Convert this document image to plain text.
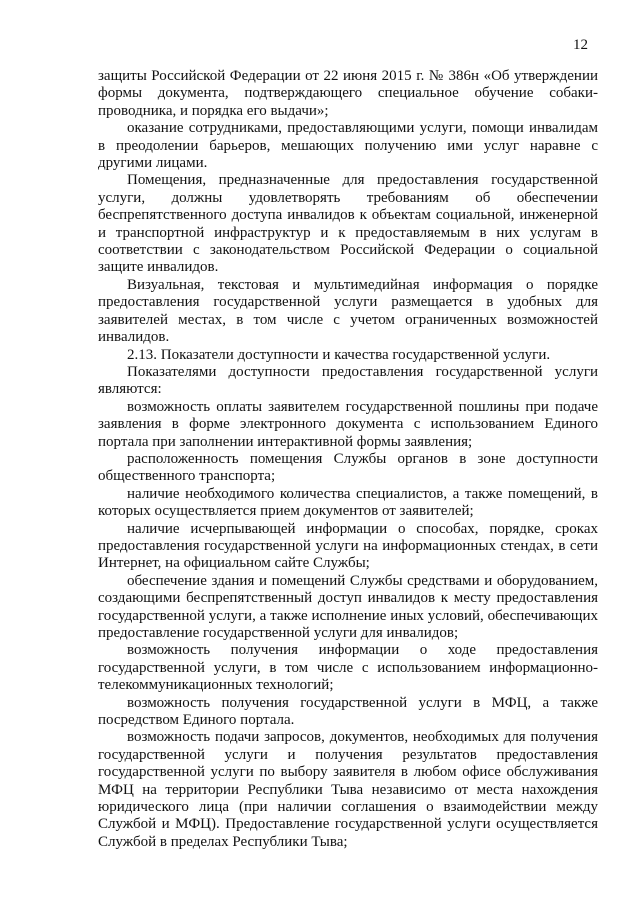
12

защиты Российской Федерации от 22 июня 2015 г. № 386н «Об утверждении формы документа, подтверждающего специальное обучение собаки-проводника, и порядка его выдачи»;

оказание сотрудниками, предоставляющими услуги, помощи инвалидам в преодолении барьеров, мешающих получению ими услуг наравне с другими лицами.

Помещения, предназначенные для предоставления государственной услуги, должны удовлетворять требованиям об обеспечении беспрепятственного доступа инвалидов к объектам социальной, инженерной и транспортной инфраструктур и к предоставляемым в них услугам в соответствии с законодательством Российской Федерации о социальной защите инвалидов.

Визуальная, текстовая и мультимедийная информация о порядке предоставления государственной услуги размещается в удобных для заявителей местах, в том числе с учетом ограниченных возможностей инвалидов.

2.13. Показатели доступности и качества государственной услуги.

Показателями доступности предоставления государственной услуги являются:

возможность оплаты заявителем государственной пошлины при подаче заявления в форме электронного документа с использованием Единого портала при заполнении интерактивной формы заявления;

расположенность помещения Службы органов в зоне доступности общественного транспорта;

наличие необходимого количества специалистов, а также помещений, в которых осуществляется прием документов от заявителей;

наличие исчерпывающей информации о способах, порядке, сроках предоставления государственной услуги на информационных стендах, в сети Интернет, на официальном сайте Службы;

обеспечение здания и помещений Службы средствами и оборудованием, создающими беспрепятственный доступ инвалидов к месту предоставления государственной услуги, а также исполнение иных условий, обеспечивающих предоставление государственной услуги для инвалидов;

возможность получения информации о ходе предоставления государственной услуги, в том числе с использованием информационно-телекоммуникационных технологий;

возможность получения государственной услуги в МФЦ, а также посредством Единого портала.

возможность подачи запросов, документов, необходимых для получения государственной услуги и получения результатов предоставления государственной услуги по выбору заявителя в любом офисе обслуживания МФЦ на территории Республики Тыва независимо от места нахождения юридического лица (при наличии соглашения о взаимодействии между Службой и МФЦ). Предоставление государственной услуги осуществляется Службой в пределах Республики Тыва;
